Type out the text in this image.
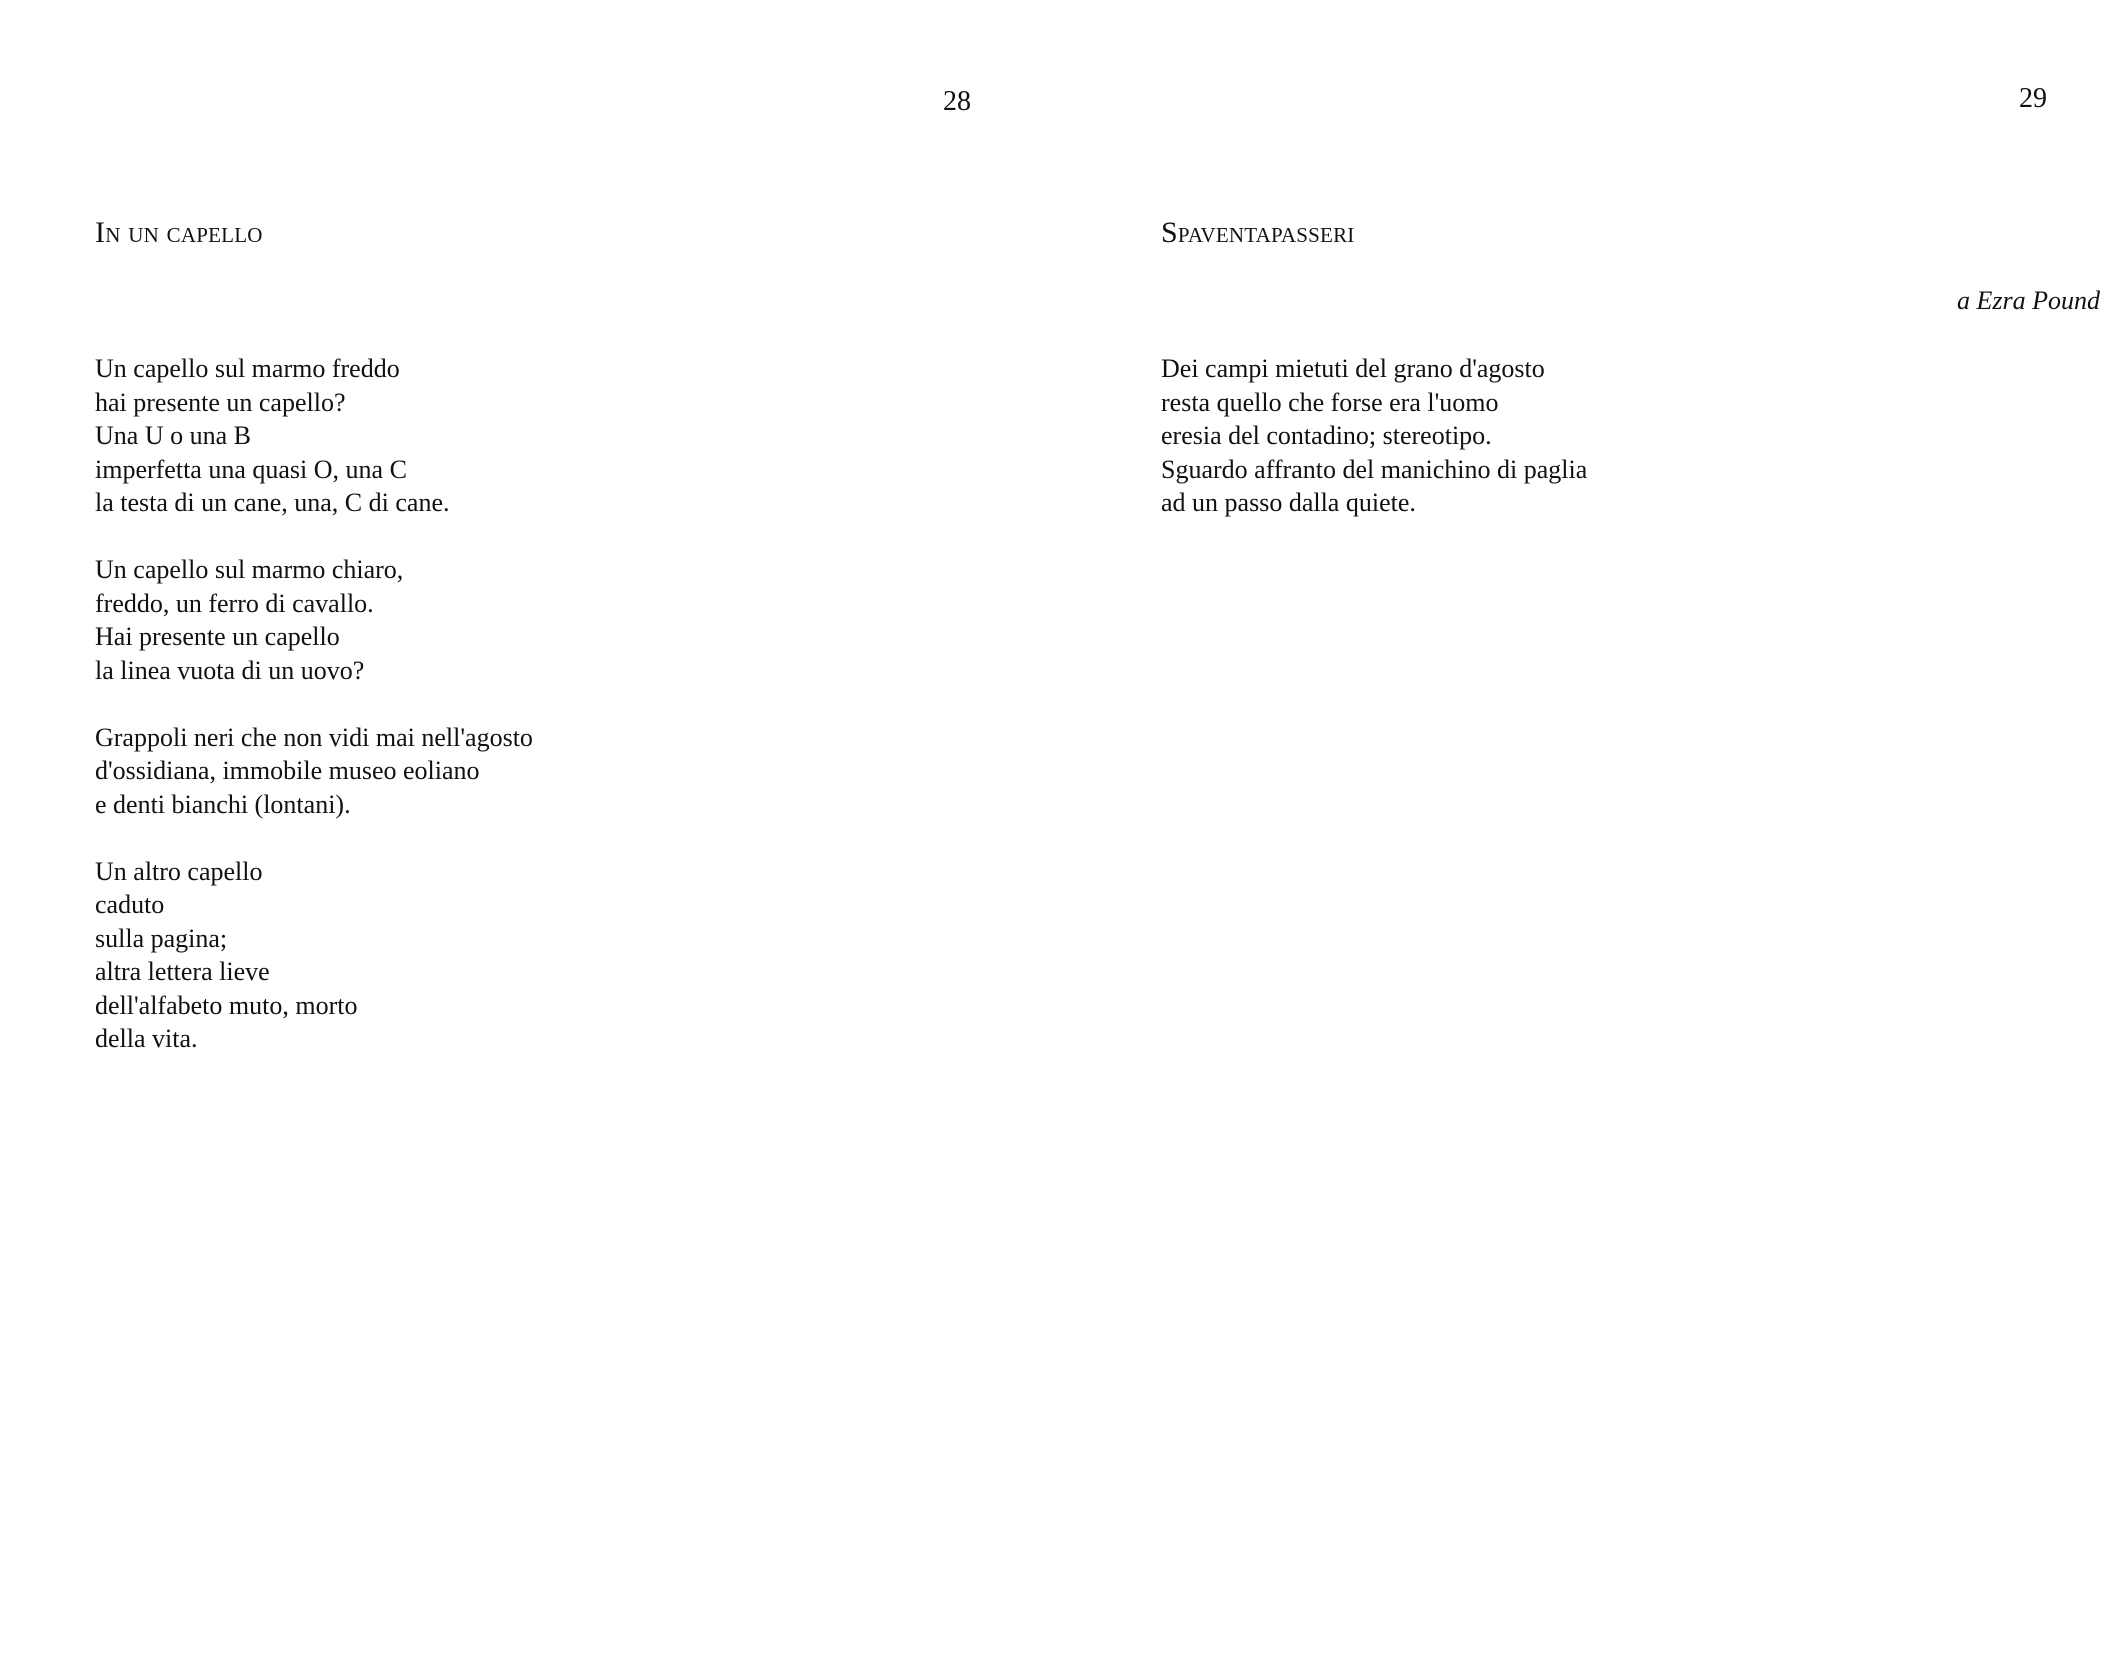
28

In un capello
Un capello sul marmo freddo
hai presente un capello?
Una U o una B
imperfetta una quasi O, una C
la testa di un cane, una, C di cane.
Un capello sul marmo chiaro,
freddo, un ferro di cavallo.
Hai presente un capello
la linea vuota di un uovo?
Grappoli neri che non vidi mai nell'agosto
d'ossidiana, immobile museo eoliano
e denti bianchi (lontani).
Un altro capello
caduto
sulla pagina;
altra lettera lieve
dell'alfabeto muto, morto
della vita.

29

Spaventapasseri

a Ezra Pound

Dei campi mietuti del grano d'agosto
resta quello che forse era l'uomo
eresia del contadino; stereotipo.
Sguardo affranto del manichino di paglia
ad un passo dalla quiete.
